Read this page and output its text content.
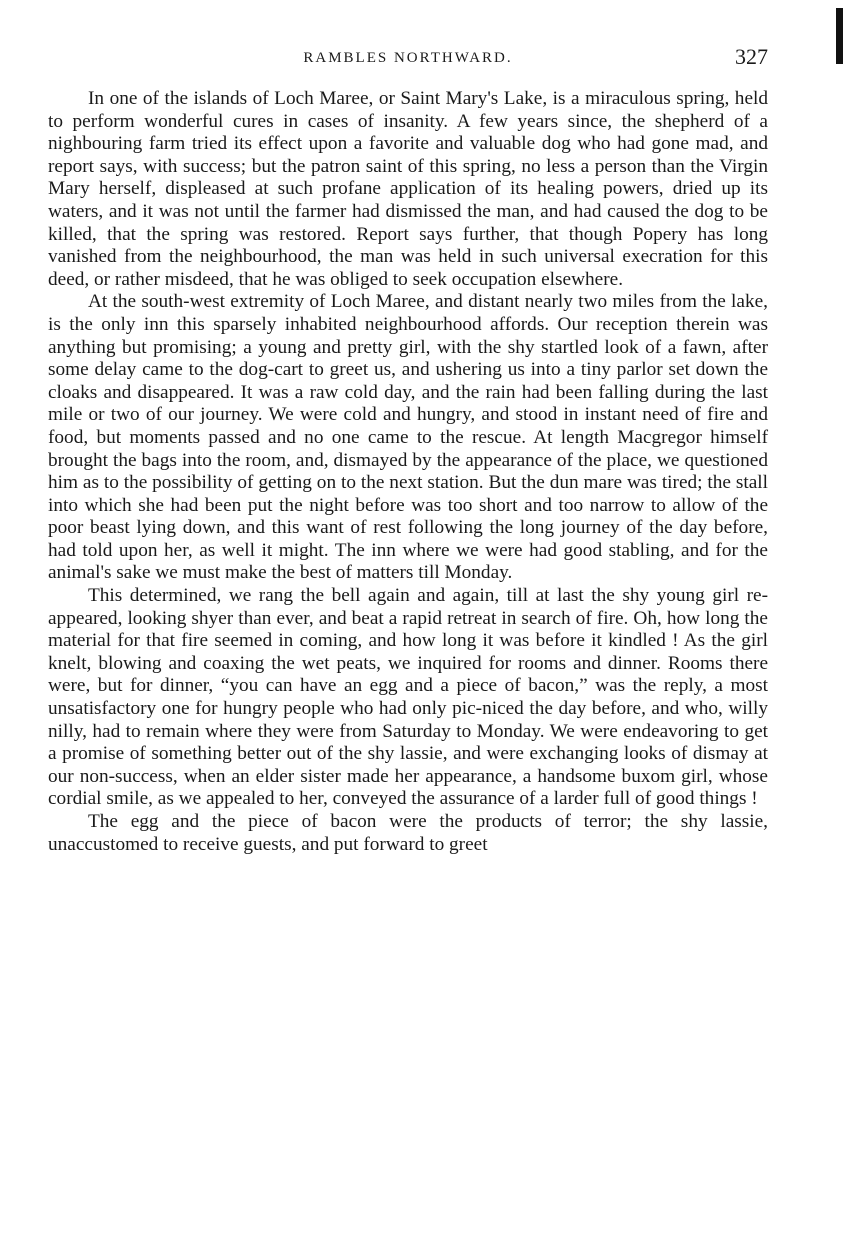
RAMBLES NORTHWARD.	327

In one of the islands of Loch Maree, or Saint Mary's Lake, is a miraculous spring, held to perform wonderful cures in cases of insanity. A few years since, the shepherd of a nighbouring farm tried its effect upon a favorite and valuable dog who had gone mad, and report says, with success; but the patron saint of this spring, no less a person than the Virgin Mary herself, displeased at such profane application of its healing powers, dried up its waters, and it was not until the farmer had dismissed the man, and had caused the dog to be killed, that the spring was restored. Report says further, that though Popery has long vanished from the neighbourhood, the man was held in such universal execration for this deed, or rather misdeed, that he was obliged to seek occupation elsewhere.

At the south-west extremity of Loch Maree, and distant nearly two miles from the lake, is the only inn this sparsely inhabited neighbourhood affords. Our reception therein was anything but promising; a young and pretty girl, with the shy startled look of a fawn, after some delay came to the dog-cart to greet us, and ushering us into a tiny parlor set down the cloaks and disappeared. It was a raw cold day, and the rain had been falling during the last mile or two of our journey. We were cold and hungry, and stood in instant need of fire and food, but moments passed and no one came to the rescue. At length Macgregor himself brought the bags into the room, and, dismayed by the appearance of the place, we questioned him as to the possibility of getting on to the next station. But the dun mare was tired; the stall into which she had been put the night before was too short and too narrow to allow of the poor beast lying down, and this want of rest following the long journey of the day before, had told upon her, as well it might. The inn where we were had good stabling, and for the animal's sake we must make the best of matters till Monday.

This determined, we rang the bell again and again, till at last the shy young girl re-appeared, looking shyer than ever, and beat a rapid retreat in search of fire. Oh, how long the material for that fire seemed in coming, and how long it was before it kindled ! As the girl knelt, blowing and coaxing the wet peats, we inquired for rooms and dinner. Rooms there were, but for dinner, “you can have an egg and a piece of bacon,” was the reply, a most unsatisfactory one for hungry people who had only pic-niced the day before, and who, willy nilly, had to remain where they were from Saturday to Monday. We were endeavoring to get a promise of something better out of the shy lassie, and were exchanging looks of dismay at our non-success, when an elder sister made her appearance, a handsome buxom girl, whose cordial smile, as we appealed to her, conveyed the assurance of a larder full of good things !

The egg and the piece of bacon were the products of terror; the shy lassie, unaccustomed to receive guests, and put forward to greet
